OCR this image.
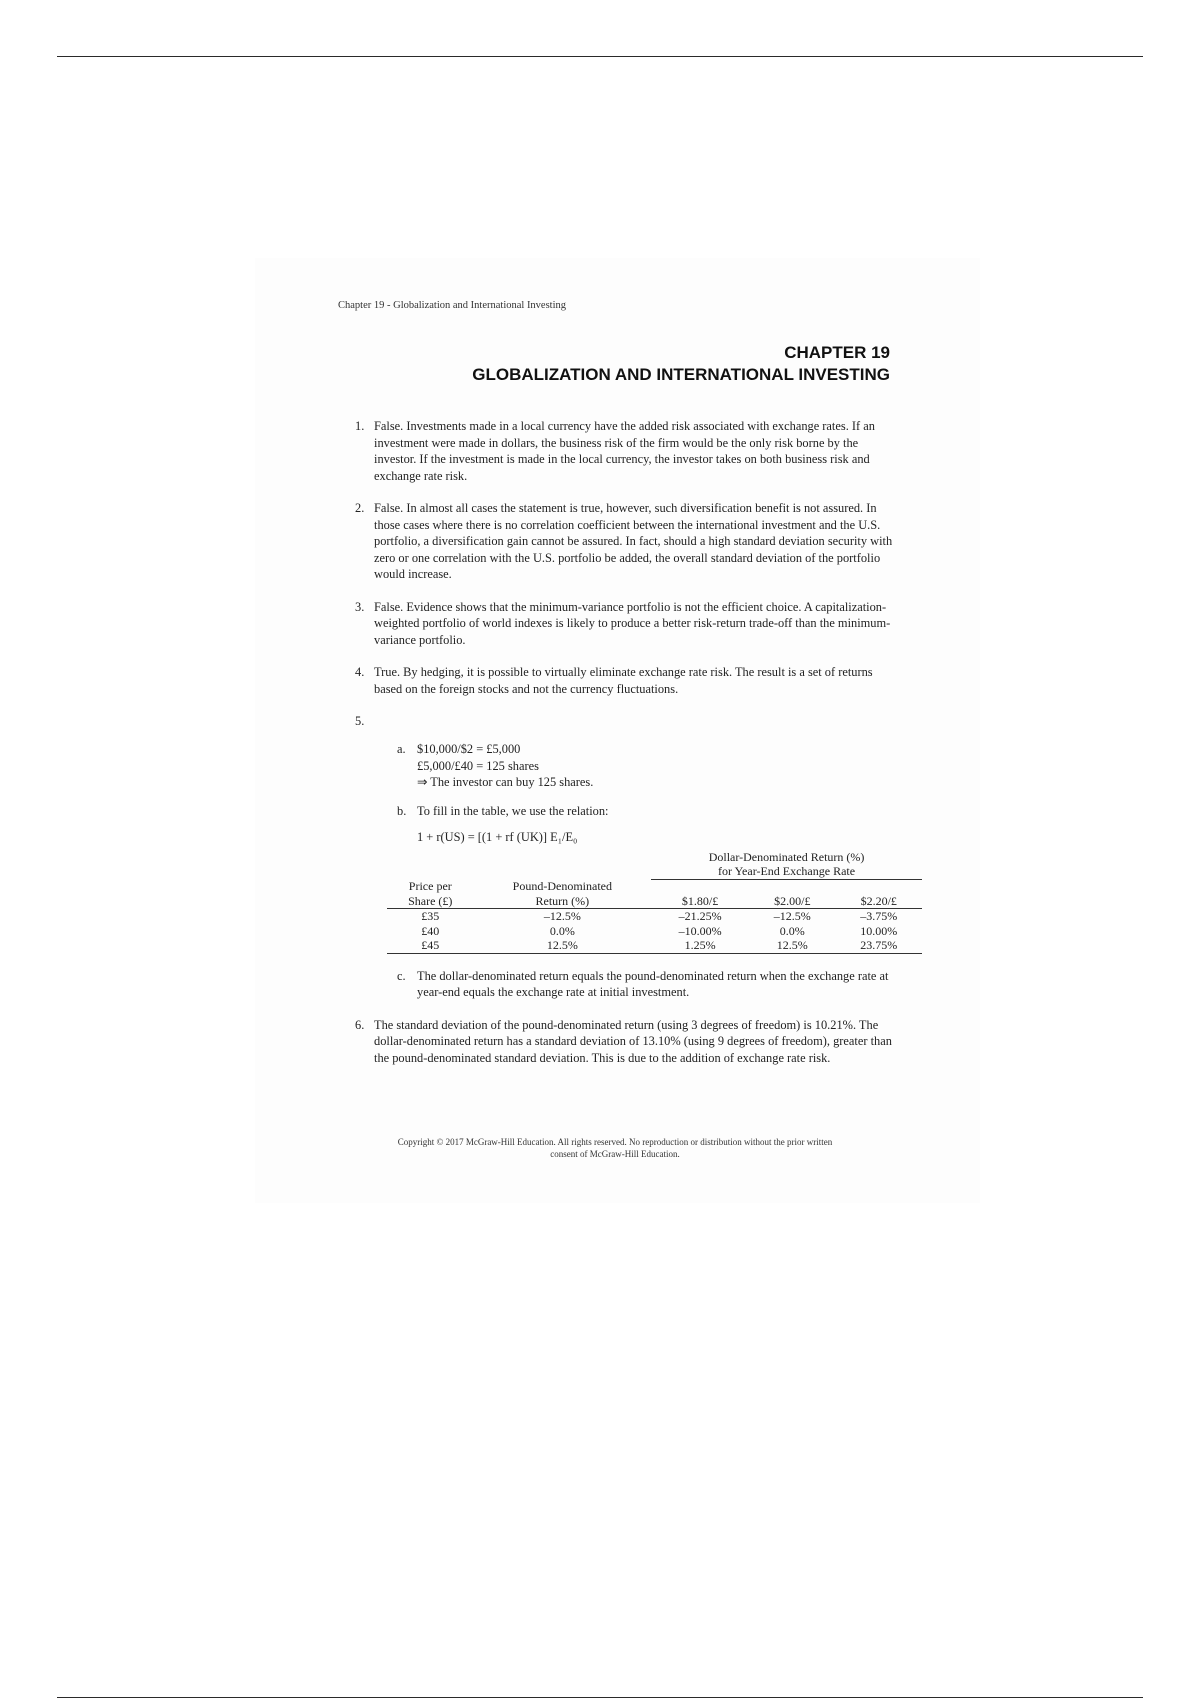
Chapter 19 - Globalization and International Investing
CHAPTER 19
GLOBALIZATION AND INTERNATIONAL INVESTING
1. False. Investments made in a local currency have the added risk associated with exchange rates. If an investment were made in dollars, the business risk of the firm would be the only risk borne by the investor. If the investment is made in the local currency, the investor takes on both business risk and exchange rate risk.
2. False. In almost all cases the statement is true, however, such diversification benefit is not assured. In those cases where there is no correlation coefficient between the international investment and the U.S. portfolio, a diversification gain cannot be assured. In fact, should a high standard deviation security with zero or one correlation with the U.S. portfolio be added, the overall standard deviation of the portfolio would increase.
3. False. Evidence shows that the minimum-variance portfolio is not the efficient choice. A capitalization-weighted portfolio of world indexes is likely to produce a better risk-return trade-off than the minimum-variance portfolio.
4. True. By hedging, it is possible to virtually eliminate exchange rate risk. The result is a set of returns based on the foreign stocks and not the currency fluctuations.
5.
a. $10,000/$2 = £5,000
£5,000/£40 = 125 shares
⇒ The investor can buy 125 shares.
b. To fill in the table, we use the relation:
1 + r(US) = [(1 + rf (UK)] E₁/E₀

		Dollar-Denominated Return (%)
for Year-End Exchange Rate		

Price per	Pound-Denominated			

Share (£)	Return (%)	$1.80/£	$2.00/£	$2.20/£
£35	–12.5%	–21.25%	–12.5%	–3.75%
£40	0.0%	–10.00%	0.0%	10.00%
£45	12.5%	1.25%	12.5%	23.75%
c. The dollar-denominated return equals the pound-denominated return when the exchange rate at year-end equals the exchange rate at initial investment.
6. The standard deviation of the pound-denominated return (using 3 degrees of freedom) is 10.21%. The dollar-denominated return has a standard deviation of 13.10% (using 9 degrees of freedom), greater than the pound-denominated standard deviation. This is due to the addition of exchange rate risk.
Copyright © 2017 McGraw-Hill Education. All rights reserved. No reproduction or distribution without the prior written
consent of McGraw-Hill Education.
